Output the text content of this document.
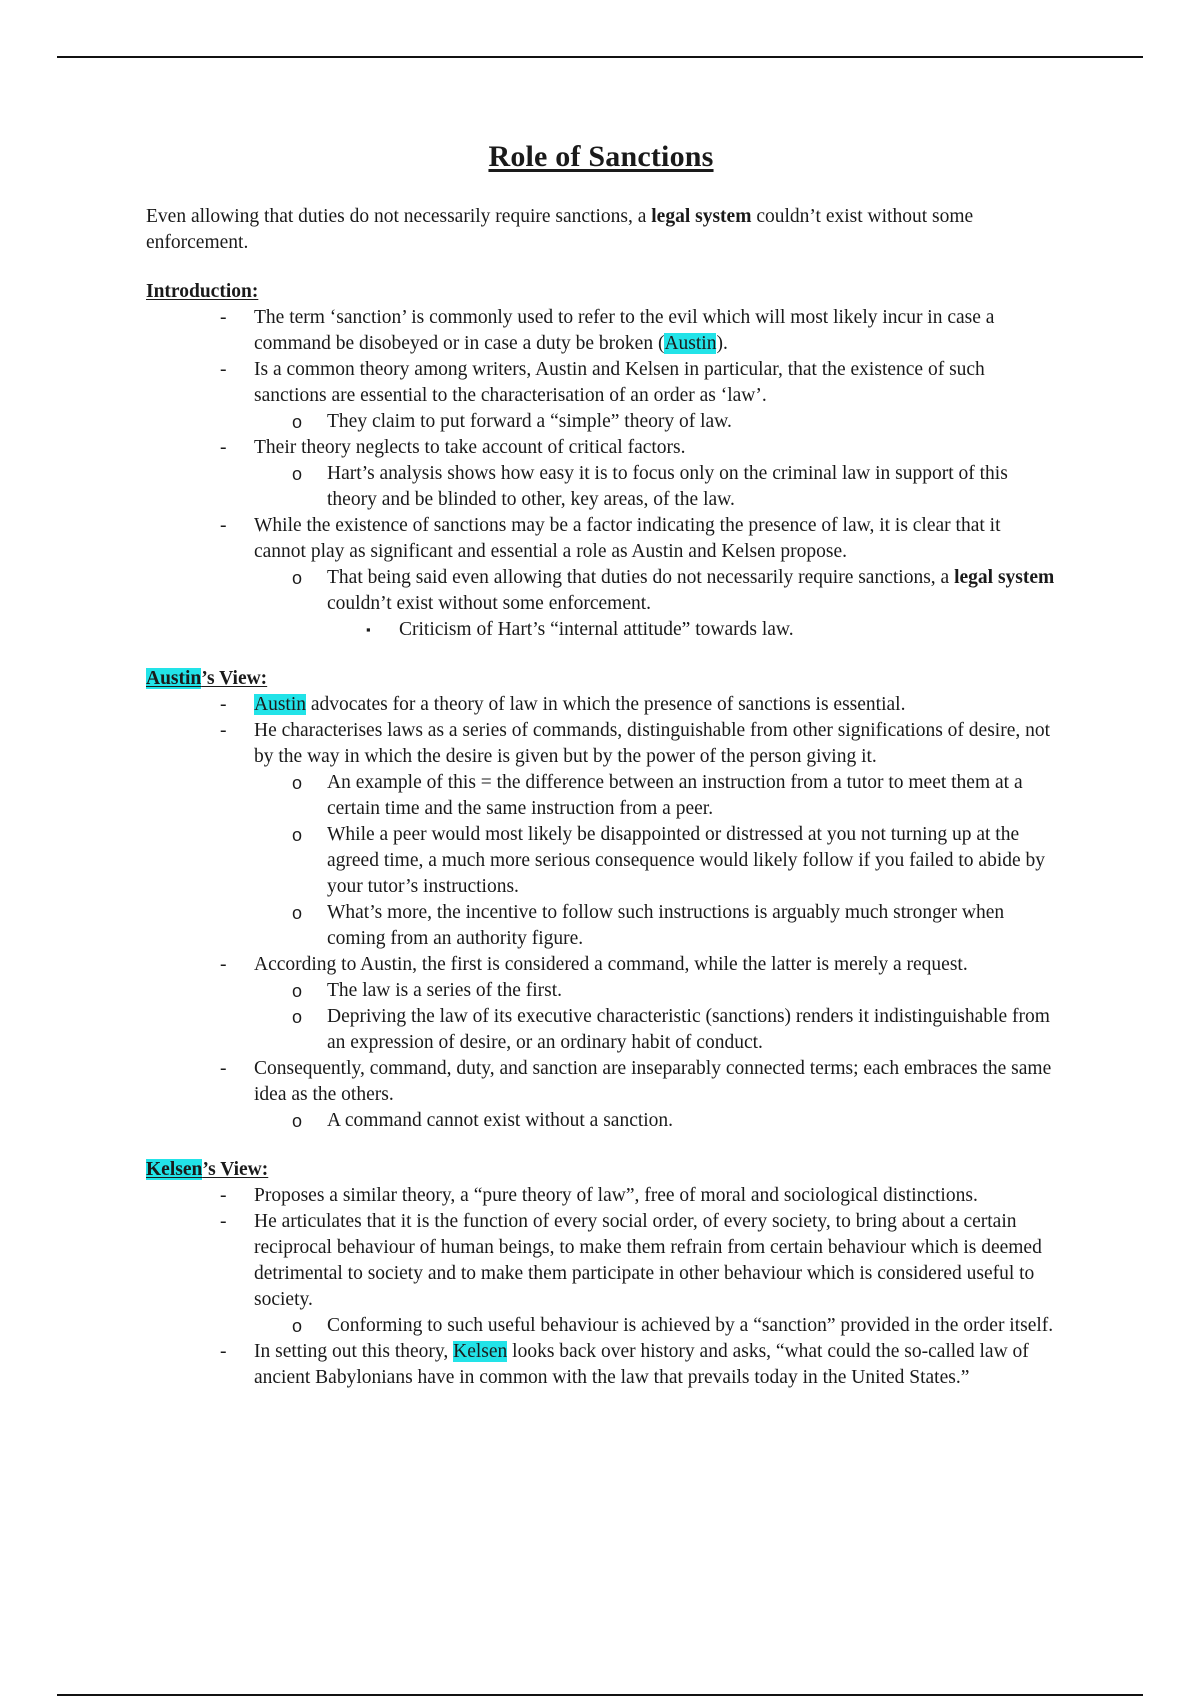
Role of Sanctions

Even allowing that duties do not necessarily require sanctions, a legal system couldn’t exist without some enforcement.

Introduction:

- The term ‘sanction’ is commonly used to refer to the evil which will most likely incur in case a command be disobeyed or in case a duty be broken (Austin).
- Is a common theory among writers, Austin and Kelsen in particular, that the existence of such sanctions are essential to the characterisation of an order as ‘law’.
o They claim to put forward a “simple” theory of law.
- Their theory neglects to take account of critical factors.
o Hart’s analysis shows how easy it is to focus only on the criminal law in support of this theory and be blinded to other, key areas, of the law.
- While the existence of sanctions may be a factor indicating the presence of law, it is clear that it cannot play as significant and essential a role as Austin and Kelsen propose.
o That being said even allowing that duties do not necessarily require sanctions, a legal system couldn’t exist without some enforcement.
▪ Criticism of Hart’s “internal attitude” towards law.

Austin’s View:

- Austin advocates for a theory of law in which the presence of sanctions is essential.
- He characterises laws as a series of commands, distinguishable from other significations of desire, not by the way in which the desire is given but by the power of the person giving it.
o An example of this = the difference between an instruction from a tutor to meet them at a certain time and the same instruction from a peer.
o While a peer would most likely be disappointed or distressed at you not turning up at the agreed time, a much more serious consequence would likely follow if you failed to abide by your tutor’s instructions.
o What’s more, the incentive to follow such instructions is arguably much stronger when coming from an authority figure.
- According to Austin, the first is considered a command, while the latter is merely a request.
o The law is a series of the first.
o Depriving the law of its executive characteristic (sanctions) renders it indistinguishable from an expression of desire, or an ordinary habit of conduct.
- Consequently, command, duty, and sanction are inseparably connected terms; each embraces the same idea as the others.
o A command cannot exist without a sanction.

Kelsen’s View:

- Proposes a similar theory, a “pure theory of law”, free of moral and sociological distinctions.
- He articulates that it is the function of every social order, of every society, to bring about a certain reciprocal behaviour of human beings, to make them refrain from certain behaviour which is deemed detrimental to society and to make them participate in other behaviour which is considered useful to society.
o Conforming to such useful behaviour is achieved by a “sanction” provided in the order itself.
- In setting out this theory, Kelsen looks back over history and asks, “what could the so-called law of ancient Babylonians have in common with the law that prevails today in the United States.”
